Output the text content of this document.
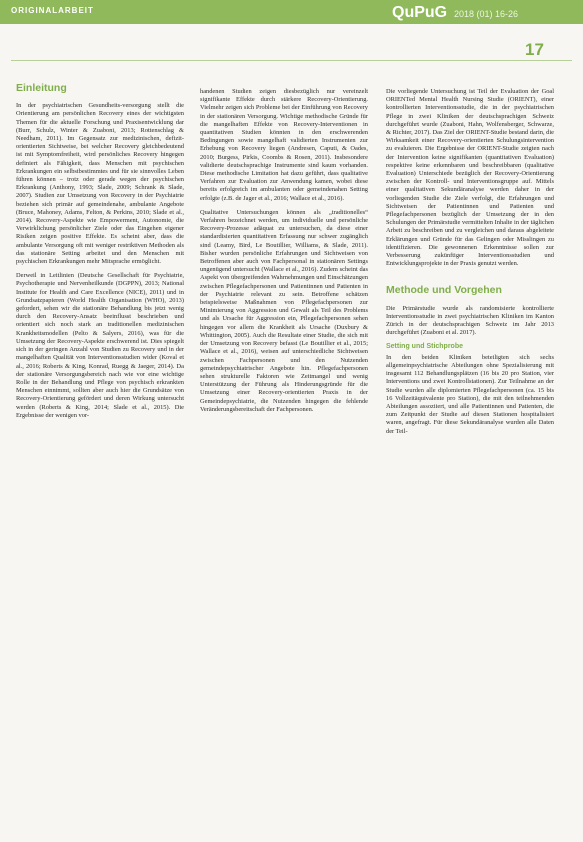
ORIGINALARBEIT	QuPuG 2018 (01) 16-26
17
Einleitung

In der psychiatrischen Gesundheits-versorgung stellt die Orientierung am persönlichen Recovery eines der wichtigsten Themen für die aktuelle Forschung und Praxisentwicklung dar (Burr, Schulz, Winter & Zuaboni, 2013; Rottenschlag & Needham, 2011). Im Gegensatz zur medizinischen, defizit-orientierten Sichtweise, bei welcher Recovery gleichbedeutend ist mit Symptomfreiheit, wird persönliches Recovery hingegen definiert als Fähigkeit, dass Menschen mit psychischen Erkrankungen ein selbstbestimmtes und für sie sinnvolles Leben führen können – trotz oder gerade wegen der psychischen Erkrankung (Anthony, 1993; Slade, 2009; Schrank & Slade, 2007). Studien zur Umsetzung von Recovery in der Psychiatrie beziehen sich primär auf gemeindenahe, ambulante Angebote (Bruce, Mahoney, Adams, Felton, & Perkins, 2010; Slade et al., 2014). Recovery-Aspekte wie Empowerment, Autonomie, die Verwirklichung persönlicher Ziele oder das Eingehen eigener Risiken zeigen positive Effekte. Es scheint aber, dass die ambulante Versorgung oft mit weniger restriktiven Methoden als das stationäre Setting arbeitet und den Menschen mit psychischen Erkrankungen mehr Mitsprache ermöglicht.

Derweil in Leitlinien (Deutsche Gesellschaft für Psychiatrie, Psychotherapie und Nervenheilkunde (DGPPN), 2013; National Institute for Health and Care Excellence (NICE), 2011) und in Grundsatzpapieren (World Health Organisation (WHO), 2013) gefordert, sehen wir die stationäre Behandlung bis jetzt wenig durch den Recovery-Ansatz beeinflusst beschrieben und orientiert sich noch stark an traditionellen medizinischen Krankheitsmodellen (Pelto & Salyers, 2016), was für die Umsetzung der Recovery-Aspekte erschwerend ist. Dies spiegelt sich in der geringen Anzahl von Studien zu Recovery und in der mangelhaften Qualität von Interventionsstudien wider (Koval et al., 2016; Roberts & King, Konrad, Ruegg & Jaeger, 2014). Da der stationäre Versorgungsbereich nach wie vor eine wichtige Rolle in der Behandlung und Pflege von psychisch erkrankten Menschen einnimmt, sollten aber auch hier die Grundsätze von Recovery-Orientierung gefördert und deren Wirkung untersucht werden (Roberts & King, 2014; Slade et al., 2015). Die Ergebnisse der wenigen vor-

handenen Studien zeigen diesbezüglich nur vereinzelt signifikante Effekte durch stärkere Recovery-Orientierung. Vielmehr zeigen sich Probleme bei der Einführung von Recovery in der stationären Versorgung. Wichtige methodische Gründe für die mangelhaften Effekte von Recovery-Interventionen in quantitativen Studien könnten in den erschwerenden Bedingungen sowie mangelhaft validierten Instrumenten zur Erhebung von Recovery liegen (Andresen, Caputi, & Oades, 2010; Burgess, Pirkis, Coombs & Rosen, 2011). Insbesondere validierte deutschsprachige Instrumente sind kaum vorhanden. Diese methodische Limitation hat dazu geführt, dass qualitative Verfahren zur Evaluation zur Anwendung kamen, wobei diese bereits erfolgreich im ambulanten oder gemeindenahen Setting erfolgte (z.B. de Jager et al., 2016; Wallace et al., 2016).

Qualitative Untersuchungen können als „traditionelles“ Verfahren bezeichnet werden, um individuelle und persönliche Recovery-Prozesse adäquat zu untersuchen, da diese einer standardisierten quantitativen Erfassung nur schwer zugänglich sind (Leamy, Bird, Le Boutillier, Williams, & Slade, 2011). Bisher wurden persönliche Erfahrungen und Sichtweisen von Betroffenen aber auch von Fachpersonal in stationären Settings ungenügend untersucht (Wallace et al., 2016). Zudem scheint das Aspekt von übergreifenden Wahrnehmungen und Einschätzungen zwischen Pflegefachpersonen und Patientinnen und Patienten in der Psychiatrie relevant zu sein. Betroffene schätzen beispielsweise Maßnahmen von Pflegefachpersonen zur Minimierung von Aggression und Gewalt als Teil des Problems und als Ursache für Aggression ein, Pflegefachpersonen sehen hingegen vor allem die Krankheit als Ursache (Duxbury & Whittington, 2005). Auch die Resultate einer Studie, die sich mit der Umsetzung von Recovery befasst (Le Boutillier et al., 2015; Wallace et al., 2016), weisen auf unterschiedliche Sichtweisen zwischen Fachpersonen und den Nutzenden gemeindepsychiatrischer Angebote hin. Pflegefachpersonen sehen strukturelle Faktoren wie Zeitmangel und wenig Unterstützung der Führung als Hinderungsgründe für die Umsetzung einer Recovery-orientierten Praxis in der Gemeindepsychiatrie, die Nutzenden hingegen die fehlende Veränderungsbereitschaft der Fachpersonen.

Die vorliegende Untersuchung ist Teil der Evaluation der Goal ORIENTed Mental Health Nursing Studie (ORIENT), einer kontrollierten Interventionsstudie, die in der psychiatrischen Pflege in zwei Kliniken der deutschsprachigen Schweiz durchgeführt wurde (Zuaboni, Hahn, Wolfensberger, Schwarze, & Richter, 2017). Das Ziel der ORIENT-Studie bestand darin, die Wirksamkeit einer Recovery-orientierten Schulungsintervention zu evaluieren. Die Ergebnisse der ORIENT-Studie zeigten nach der Intervention keine signifikanten (quantitativen Evaluation) respektive keine erkennbaren und beschreibbaren (qualitative Evaluation) Unterschiede bezüglich der Recovery-Orientierung zwischen der Kontroll- und Interventionsgruppe auf. Mittels einer qualitativen Sekundäranalyse werden daher in der vorliegenden Studie die Ziele verfolgt, die Erfahrungen und Sichtweisen der Patientinnen und Patienten und Pflegefachpersonen bezüglich der Umsetzung der in den Schulungen der Primärstudie vermittelten Inhalte in der täglichen Arbeit zu beschreiben und zu vergleichen und daraus abgeleitete Erklärungen und Gründe für das Gelingen oder Misslingen zu identifizieren. Die gewonnenen Erkenntnisse sollen zur Verbesserung zukünftiger Interventionsstudien und Entwicklungsprojekte in der Praxis genutzt werden.

Methode und Vorgehen

Die Primärstudie wurde als randomisierte kontrollierte Interventionsstudie in zwei psychiatrischen Kliniken im Kanton Zürich in der deutschsprachigen Schweiz im Jahr 2013 durchgeführt (Zuaboni et al. 2017).

Setting und Stichprobe

In den beiden Kliniken beteiligten sich sechs allgemeinpsychiatrische Abteilungen ohne Spezialisierung mit insgesamt 112 Behandlungsplätzen (16 bis 20 pro Station, vier Interventions und zwei Kontrollstationen). Zur Teilnahme an der Studie wurden alle diplomierten Pflegefachpersonen (ca. 15 bis 16 Vollzeitäquivalente pro Station), die mit den teilnehmenden Abteilungen assoziiert, und alle Patientinnen und Patienten, die zum Zeitpunkt der Studie auf diesen Stationen hospitalisiert waren, angefragt. Für diese Sekundäranalyse wurden alle Daten der Teil-
